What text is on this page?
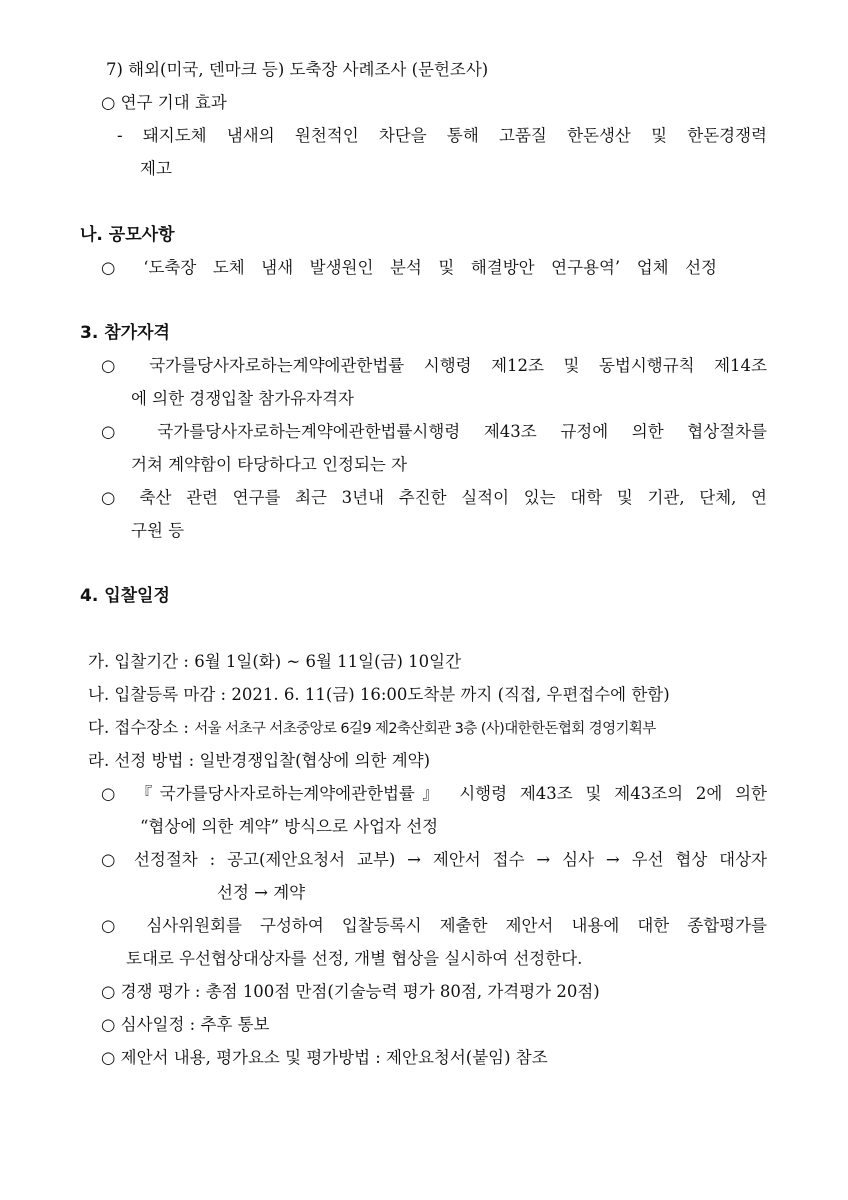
7) 해외(미국, 덴마크 등) 도축장 사례조사 (문헌조사)
○ 연구 기대 효과
- 돼지도체 냄새의 원천적인 차단을 통해 고품질 한돈생산 및 한돈경쟁력
제고
나. 공모사항
○ ‘도축장 도체 냄새 발생원인 분석 및 해결방안 연구용역’ 업체 선정
3. 참가자격
○ 국가를당사자로하는계약에관한법률 시행령 제12조 및 동법시행규칙 제14조
에 의한 경쟁입찰 참가유자격자
○ 국가를당사자로하는계약에관한법률시행령 제43조 규정에 의한 협상절차를
거쳐 계약함이 타당하다고 인정되는 자
○ 축산 관련 연구를 최근 3년내 추진한 실적이 있는 대학 및 기관, 단체, 연
구원 등
4. 입찰일정
가. 입찰기간 : 6월 1일(화) ~ 6월 11일(금) 10일간
나. 입찰등록 마감 : 2021. 6. 11(금) 16:00도착분 까지 (직접, 우편접수에 한함)
다. 접수장소 : 서울 서초구 서초중앙로 6길9 제2축산회관 3층 (사)대한한돈협회 경영기획부
라. 선정 방법 : 일반경쟁입찰(협상에 의한 계약)
○ 『국가를당사자로하는계약에관한법률』 시행령 제43조 및 제43조의 2에 의한
“협상에 의한 계약” 방식으로 사업자 선정
○ 선정절차 : 공고(제안요청서 교부) → 제안서 접수 → 심사 → 우선 협상 대상자
선정 → 계약
○ 심사위원회를 구성하여 입찰등록시 제출한 제안서 내용에 대한 종합평가를
토대로 우선협상대상자를 선정, 개별 협상을 실시하여 선정한다.
○ 경쟁 평가 : 총점 100점 만점(기술능력 평가 80점, 가격평가 20점)
○ 심사일정 : 추후 통보
○ 제안서 내용, 평가요소 및 평가방법 : 제안요청서(붙임) 참조
